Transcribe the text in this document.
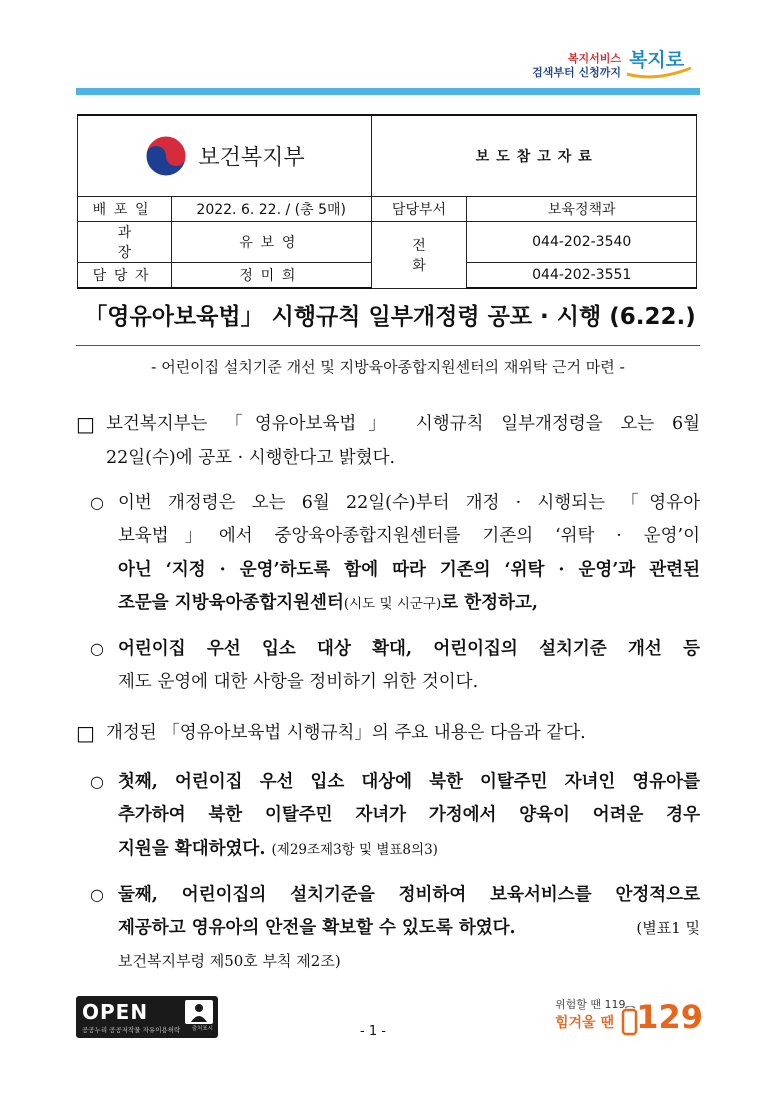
복지서비스
검색부터 신청까지
복지로
보건복지부		보도참고자료	
배포일	2022. 6. 22. / (총 5매)	담당부서	보육정책과
과장	유보영	전화	044-202-3540
담당자	정미희		044-202-3551
「영유아보육법」 시행규칙 일부개정령 공포 · 시행 (6.22.)
- 어린이집 설치기준 개선 및 지방육아종합지원센터의 재위탁 근거 마련 -
□ 보건복지부는 「영유아보육법」 시행규칙 일부개정령을 오는 6월
22일(수)에 공포 · 시행한다고 밝혔다.
○ 이번 개정령은 오는 6월 22일(수)부터 개정 · 시행되는 「영유아
보육법」에서 중앙육아종합지원센터를 기존의 ‘위탁 · 운영’이
아닌 ‘지정 · 운영’하도록 함에 따라 기존의 ‘위탁 · 운영’과 관련된
조문을 지방육아종합지원센터(시도 및 시군구)로 한정하고,
○ 어린이집 우선 입소 대상 확대, 어린이집의 설치기준 개선 등
제도 운영에 대한 사항을 정비하기 위한 것이다.
□ 개정된 「영유아보육법 시행규칙」의 주요 내용은 다음과 같다.
○ 첫째, 어린이집 우선 입소 대상에 북한 이탈주민 자녀인 영유아를
추가하여 북한 이탈주민 자녀가 가정에서 양육이 어려운 경우
지원을 확대하였다. (제29조제3항 및 별표8의3)
○ 둘째, 어린이집의 설치기준을 정비하여 보육서비스를 안정적으로
제공하고 영유아의 안전을 확보할 수 있도록 하였다.	(별표1 및
보건복지부령 제50호 부칙 제2조)
OPEN
공공누리 공공저작물 자유이용허락 출처표시	- 1 -
위험할 땐 119
힘겨울 땐 129
